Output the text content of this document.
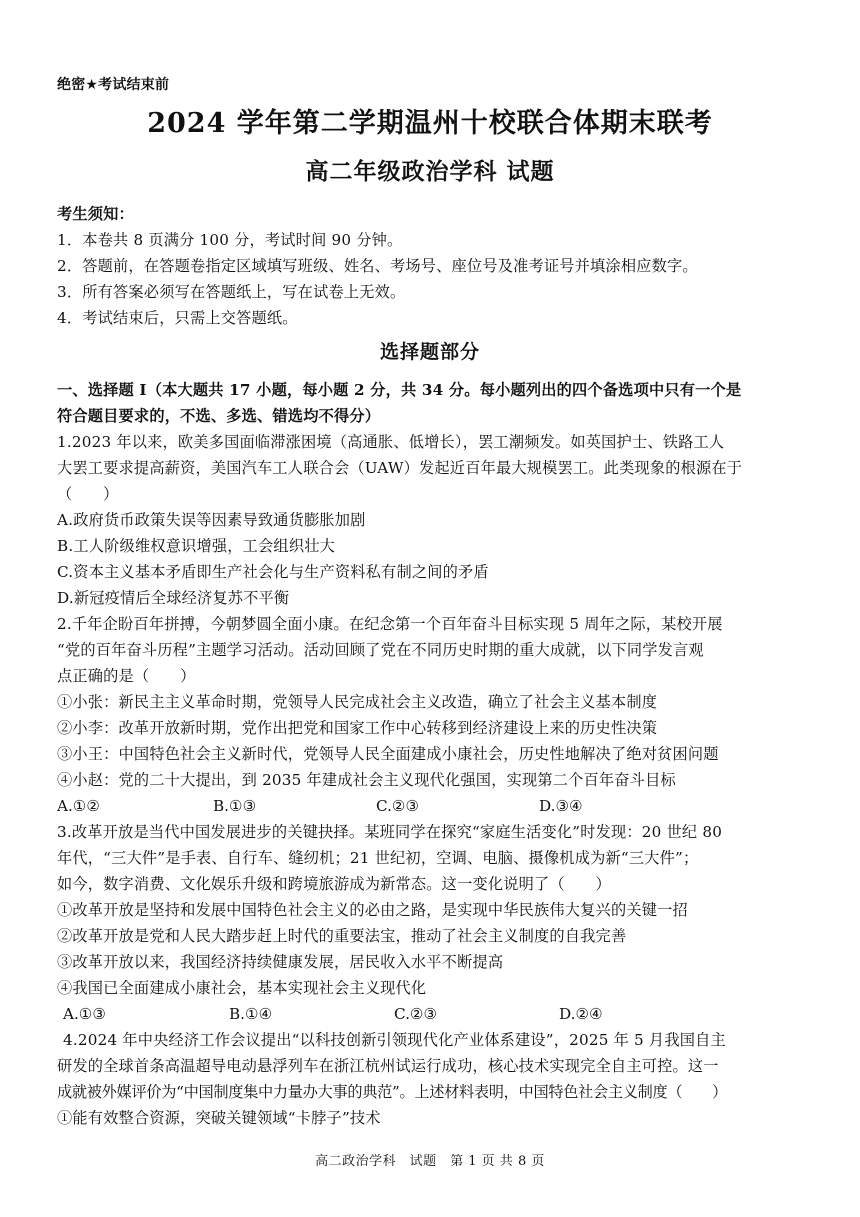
绝密★考试结束前
2024 学年第二学期温州十校联合体期末联考
高二年级政治学科 试题
考生须知：
1．本卷共 8 页满分 100 分，考试时间 90 分钟。
2．答题前，在答题卷指定区域填写班级、姓名、考场号、座位号及准考证号并填涂相应数字。
3．所有答案必须写在答题纸上，写在试卷上无效。
4．考试结束后，只需上交答题纸。
选择题部分
一、选择题 I（本大题共 17 小题，每小题 2 分，共 34 分。每小题列出的四个备选项中只有一个是
符合题目要求的，不选、多选、错选均不得分）
1.2023 年以来，欧美多国面临滞涨困境（高通胀、低增长），罢工潮频发。如英国护士、铁路工人
大罢工要求提高薪资，美国汽车工人联合会（UAW）发起近百年最大规模罢工。此类现象的根源在于
（　　）
A.政府货币政策失误等因素导致通货膨胀加剧
B.工人阶级维权意识增强，工会组织壮大
C.资本主义基本矛盾即生产社会化与生产资料私有制之间的矛盾
D.新冠疫情后全球经济复苏不平衡
2.千年企盼百年拼搏，今朝梦圆全面小康。在纪念第一个百年奋斗目标实现 5 周年之际，某校开展
“党的百年奋斗历程”主题学习活动。活动回顾了党在不同历史时期的重大成就，以下同学发言观
点正确的是（　　）
①小张：新民主主义革命时期，党领导人民完成社会主义改造，确立了社会主义基本制度
②小李：改革开放新时期，党作出把党和国家工作中心转移到经济建设上来的历史性决策
③小王：中国特色社会主义新时代，党领导人民全面建成小康社会，历史性地解决了绝对贫困问题
④小赵：党的二十大提出，到 2035 年建成社会主义现代化强国，实现第二个百年奋斗目标
A.①②	B.①③	C.②③	D.③④
3.改革开放是当代中国发展进步的关键抉择。某班同学在探究“家庭生活变化”时发现：20 世纪 80
年代，“三大件”是手表、自行车、缝纫机；21 世纪初，空调、电脑、摄像机成为新“三大件”；
如今，数字消费、文化娱乐升级和跨境旅游成为新常态。这一变化说明了（　　）
①改革开放是坚持和发展中国特色社会主义的必由之路，是实现中华民族伟大复兴的关键一招
②改革开放是党和人民大踏步赶上时代的重要法宝，推动了社会主义制度的自我完善
③改革开放以来，我国经济持续健康发展，居民收入水平不断提高
④我国已全面建成小康社会，基本实现社会主义现代化
A.①③	B.①④	C.②③	D.②④
4.2024 年中央经济工作会议提出“以科技创新引领现代化产业体系建设”，2025 年 5 月我国自主
研发的全球首条高温超导电动悬浮列车在浙江杭州试运行成功，核心技术实现完全自主可控。这一
成就被外媒评价为“中国制度集中力量办大事的典范”。上述材料表明，中国特色社会主义制度（　　）
①能有效整合资源，突破关键领域“卡脖子”技术
高二政治学科　试题　第 1 页 共 8 页
